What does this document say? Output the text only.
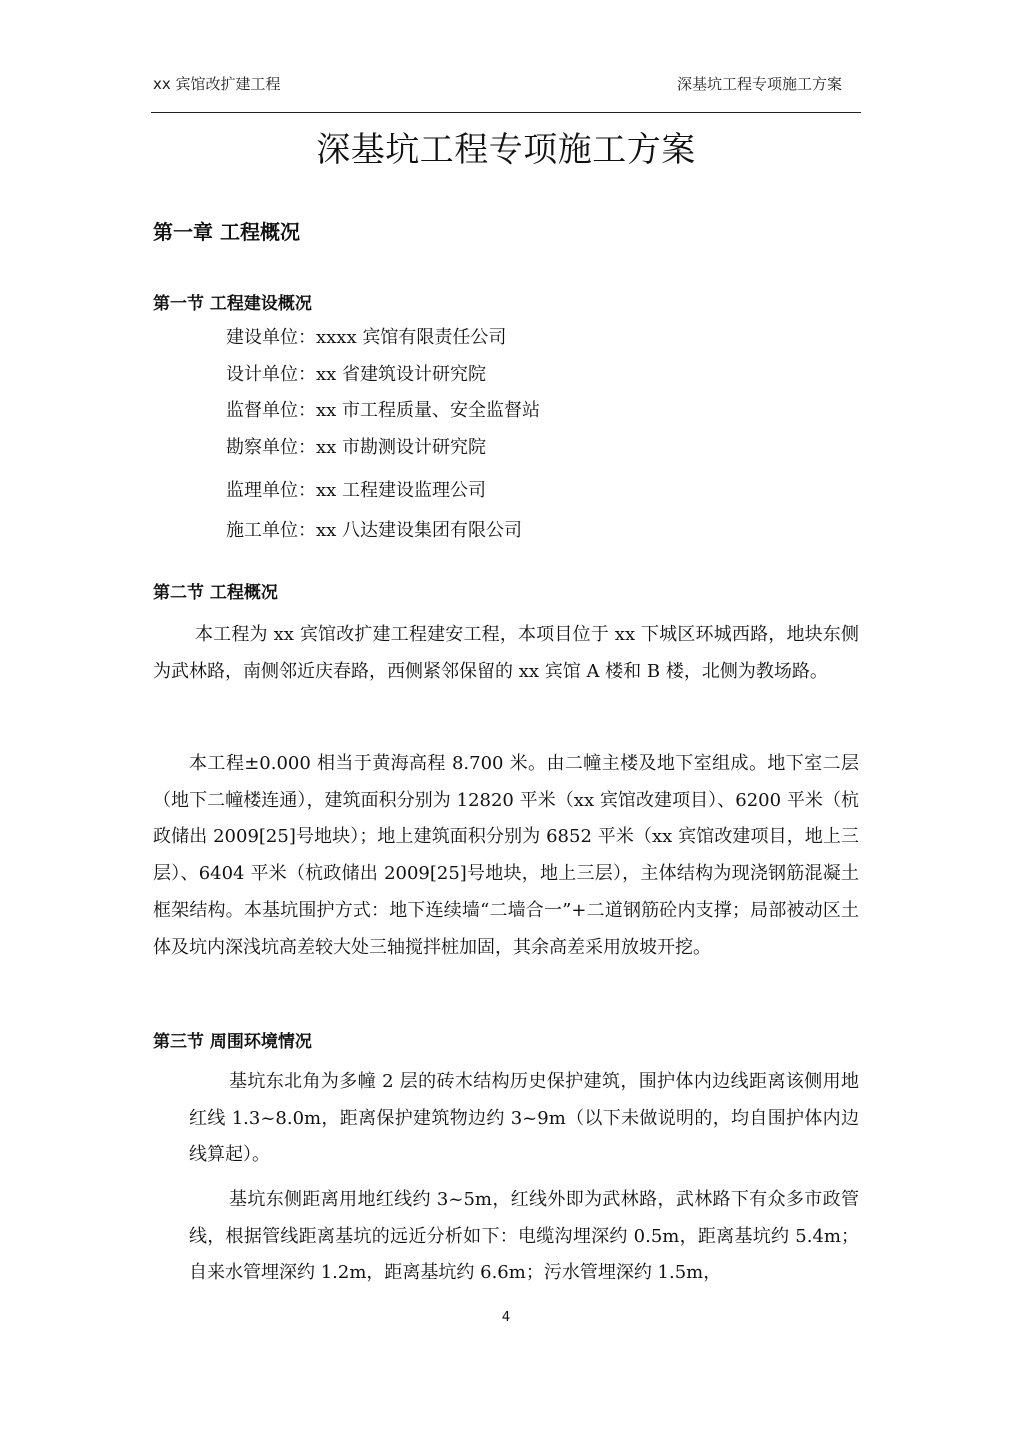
xx 宾馆改扩建工程	深基坑工程专项施工方案
深基坑工程专项施工方案
第一章 工程概况
第一节 工程建设概况
建设单位：xxxx 宾馆有限责任公司
设计单位：xx 省建筑设计研究院
监督单位：xx 市工程质量、安全监督站
勘察单位：xx 市勘测设计研究院
监理单位：xx 工程建设监理公司
施工单位：xx 八达建设集团有限公司
第二节 工程概况

本工程为 xx 宾馆改扩建工程建安工程，本项目位于 xx 下城区环城西路，地块东侧为武林路，南侧邻近庆春路，西侧紧邻保留的 xx 宾馆 A 楼和 B 楼，北侧为教场路。

本工程±0.000 相当于黄海高程 8.700 米。由二幢主楼及地下室组成。地下室二层（地下二幢楼连通），建筑面积分别为 12820 平米（xx 宾馆改建项目）、6200 平米（杭政储出 2009[25]号地块）；地上建筑面积分别为 6852 平米（xx 宾馆改建项目，地上三层）、6404 平米（杭政储出 2009[25]号地块，地上三层），主体结构为现浇钢筋混凝土框架结构。本基坑围护方式：地下连续墙“二墙合一”+二道钢筋砼内支撑；局部被动区土体及坑内深浅坑高差较大处三轴搅拌桩加固，其余高差采用放坡开挖。

第三节 周围环境情况

基坑东北角为多幢 2 层的砖木结构历史保护建筑，围护体内边线距离该侧用地红线 1.3~8.0m，距离保护建筑物边约 3~9m（以下未做说明的，均自围护体内边线算起）。

基坑东侧距离用地红线约 3~5m，红线外即为武林路，武林路下有众多市政管线，根据管线距离基坑的远近分析如下：电缆沟埋深约 0.5m，距离基坑约 5.4m；自来水管埋深约 1.2m，距离基坑约 6.6m；污水管埋深约 1.5m，

4
